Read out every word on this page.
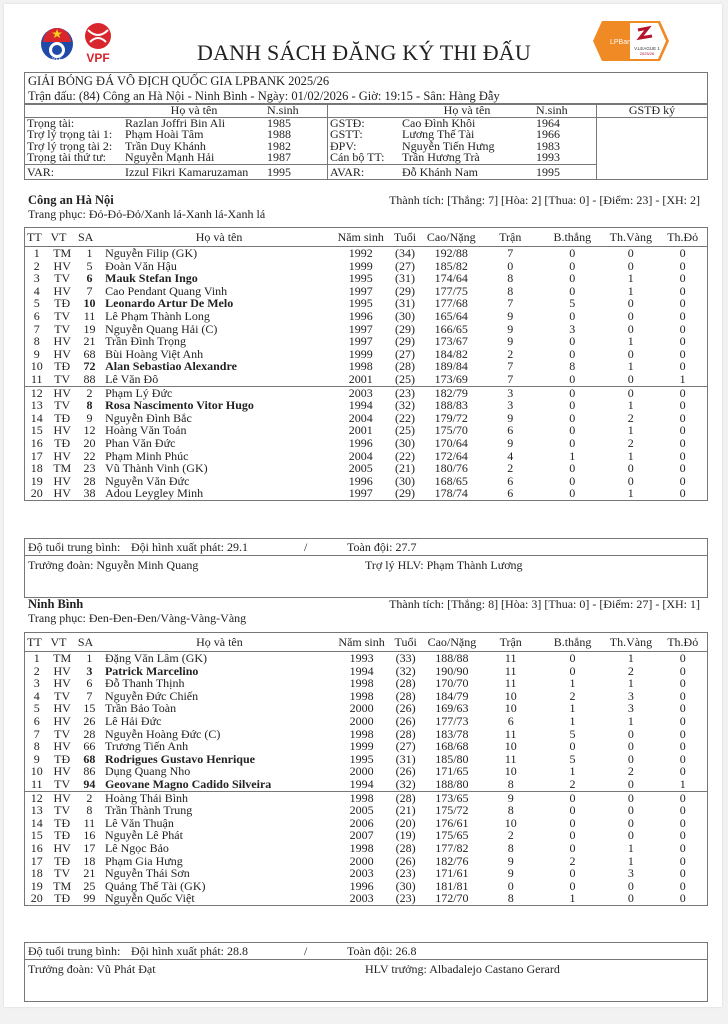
VFF VPF
LPBank
V.LEAGUE 1
2025/26
DANH SÁCH ĐĂNG KÝ THI ĐẤU
GIẢI BÓNG ĐÁ VÔ ĐỊCH QUỐC GIA LPBANK 2025/26
Trận đấu: (84) Công an Hà Nội - Ninh Bình - Ngày: 01/02/2026 - Giờ: 19:15 - Sân: Hàng Đẫy
	Họ và tên	N.sinh		Họ và tên	N.sinh	GSTĐ ký
Trọng tài:	Razlan Joffri Bin Ali	1985	GSTĐ:	Cao Đình Khôi	1964	
Trợ lý trọng tài 1:	Phạm Hoài Tâm	1988	GSTT:	Lương Thế Tài	1966	
Trợ lý trọng tài 2:	Trần Duy Khánh	1982	ĐPV:	Nguyễn Tiến Hưng	1983	
Trọng tài thứ tư:	Nguyễn Mạnh Hải	1987	Cán bộ TT:	Trần Hương Trà	1993	
VAR:	Izzul Fikri Kamaruzaman	1995	AVAR:	Đỗ Khánh Nam	1995	
Công an Hà Nội	Thành tích: [Thắng: 7] [Hòa: 2] [Thua: 0] - [Điểm: 23] - [XH: 2]
Trang phục: Đỏ-Đỏ-Đỏ/Xanh lá-Xanh lá-Xanh lá
TT	VT	SA	Họ và tên	Năm sinh	Tuổi	Cao/Nặng	Trận	B.thắng	Th.Vàng	Th.Đỏ
1	TM	1	Nguyễn Filip (GK)	1992	(34)	192/88	7	0	0	0
2	HV	5	Đoàn Văn Hậu	1999	(27)	185/82	0	0	0	0
3	TV	6	Mauk Stefan Ingo	1995	(31)	174/64	8	0	1	0
4	HV	7	Cao Pendant Quang Vinh	1997	(29)	177/75	8	0	1	0
5	TĐ	10	Leonardo Artur De Melo	1995	(31)	177/68	7	5	0	0
6	TV	11	Lê Phạm Thành Long	1996	(30)	165/64	9	0	0	0
7	TV	19	Nguyễn Quang Hải (C)	1997	(29)	166/65	9	3	0	0
8	HV	21	Trần Đình Trọng	1997	(29)	173/67	9	0	1	0
9	HV	68	Bùi Hoàng Việt Anh	1999	(27)	184/82	2	0	0	0
10	TĐ	72	Alan Sebastiao Alexandre	1998	(28)	189/84	7	8	1	0
11	TV	88	Lê Văn Đô	2001	(25)	173/69	7	0	0	1
12	HV	2	Phạm Lý Đức	2003	(23)	182/79	3	0	0	0
13	TV	8	Rosa Nascimento Vitor Hugo	1994	(32)	188/83	3	0	1	0
14	TĐ	9	Nguyễn Đình Bắc	2004	(22)	179/72	9	0	2	0
15	HV	12	Hoàng Văn Toản	2001	(25)	175/70	6	0	1	0
16	TĐ	20	Phan Văn Đức	1996	(30)	170/64	9	0	2	0
17	HV	22	Phạm Minh Phúc	2004	(22)	172/64	4	1	1	0
18	TM	23	Vũ Thành Vinh (GK)	2005	(21)	180/76	2	0	0	0
19	HV	28	Nguyễn Văn Đức	1996	(30)	168/65	6	0	0	0
20	HV	38	Adou Leygley Minh	1997	(29)	178/74	6	0	1	0
Độ tuổi trung bình: Đội hình xuất phát: 29.1	/	Toàn đội: 27.7
Trưởng đoàn: Nguyễn Minh Quang	Trợ lý HLV: Phạm Thành Lương
Ninh Bình	Thành tích: [Thắng: 8] [Hòa: 3] [Thua: 0] - [Điểm: 27] - [XH: 1]
Trang phục: Đen-Đen-Đen/Vàng-Vàng-Vàng
TT	VT	SA	Họ và tên	Năm sinh	Tuổi	Cao/Nặng	Trận	B.thắng	Th.Vàng	Th.Đỏ
1	TM	1	Đặng Văn Lâm (GK)	1993	(33)	188/88	11	0	1	0
2	HV	3	Patrick Marcelino	1994	(32)	190/90	11	0	2	0
3	HV	6	Đỗ Thanh Thịnh	1998	(28)	170/70	11	1	1	0
4	TV	7	Nguyễn Đức Chiến	1998	(28)	184/79	10	2	3	0
5	HV	15	Trần Bảo Toàn	2000	(26)	169/63	10	1	3	0
6	HV	26	Lê Hải Đức	2000	(26)	177/73	6	1	1	0
7	TV	28	Nguyễn Hoàng Đức (C)	1998	(28)	183/78	11	5	0	0
8	HV	66	Trương Tiến Anh	1999	(27)	168/68	10	0	0	0
9	TĐ	68	Rodrigues Gustavo Henrique	1995	(31)	185/80	11	5	0	0
10	HV	86	Dụng Quang Nho	2000	(26)	171/65	10	1	2	0
11	TV	94	Geovane Magno Cadido Silveira	1994	(32)	188/80	8	2	0	1
12	HV	2	Hoàng Thái Bình	1998	(28)	173/65	9	0	0	0
13	TV	8	Trần Thành Trung	2005	(21)	175/72	8	0	0	0
14	TĐ	11	Lê Văn Thuận	2006	(20)	176/61	10	0	0	0
15	TĐ	16	Nguyễn Lê Phát	2007	(19)	175/65	2	0	0	0
16	HV	17	Lê Ngọc Bảo	1998	(28)	177/82	8	0	1	0
17	TĐ	18	Phạm Gia Hưng	2000	(26)	182/76	9	2	1	0
18	TV	21	Nguyễn Thái Sơn	2003	(23)	171/61	9	0	3	0
19	TM	25	Quảng Thế Tài (GK)	1996	(30)	181/81	0	0	0	0
20	TĐ	99	Nguyễn Quốc Việt	2003	(23)	172/70	8	1	0	0
Độ tuổi trung bình: Đội hình xuất phát: 28.8	/	Toàn đội: 26.8
Trưởng đoàn: Vũ Phát Đạt	HLV trưởng: Albadalejo Castano Gerard
